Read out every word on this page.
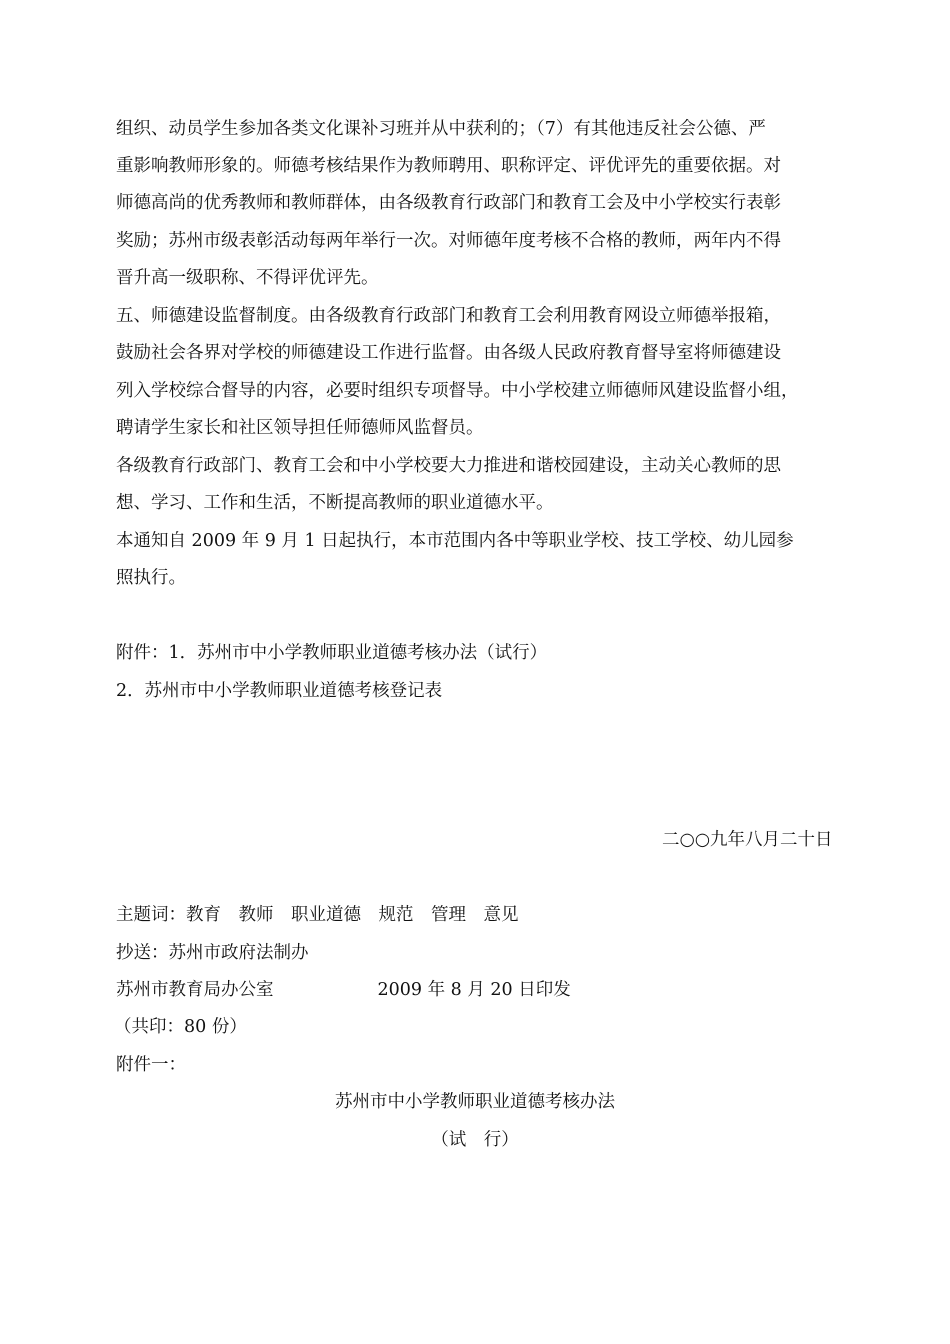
组织、动员学生参加各类文化课补习班并从中获利的；（7）有其他违反社会公德、严
重影响教师形象的。师德考核结果作为教师聘用、职称评定、评优评先的重要依据。对
师德高尚的优秀教师和教师群体，由各级教育行政部门和教育工会及中小学校实行表彰
奖励；苏州市级表彰活动每两年举行一次。对师德年度考核不合格的教师，两年内不得
晋升高一级职称、不得评优评先。
五、师德建设监督制度。由各级教育行政部门和教育工会利用教育网设立师德举报箱，
鼓励社会各界对学校的师德建设工作进行监督。由各级人民政府教育督导室将师德建设
列入学校综合督导的内容，必要时组织专项督导。中小学校建立师德师风建设监督小组，
聘请学生家长和社区领导担任师德师风监督员。
各级教育行政部门、教育工会和中小学校要大力推进和谐校园建设，主动关心教师的思
想、学习、工作和生活，不断提高教师的职业道德水平。
本通知自 2009 年 9 月 1 日起执行，本市范围内各中等职业学校、技工学校、幼儿园参
照执行。
附件：1．苏州市中小学教师职业道德考核办法（试行）
2．苏州市中小学教师职业道德考核登记表
二○○九年八月二十日
主题词：教育　教师　职业道德　规范　管理　意见
抄送：苏州市政府法制办
苏州市教育局办公室	2009 年 8 月 20 日印发
（共印：80 份）
附件一：
苏州市中小学教师职业道德考核办法
（试　行）
